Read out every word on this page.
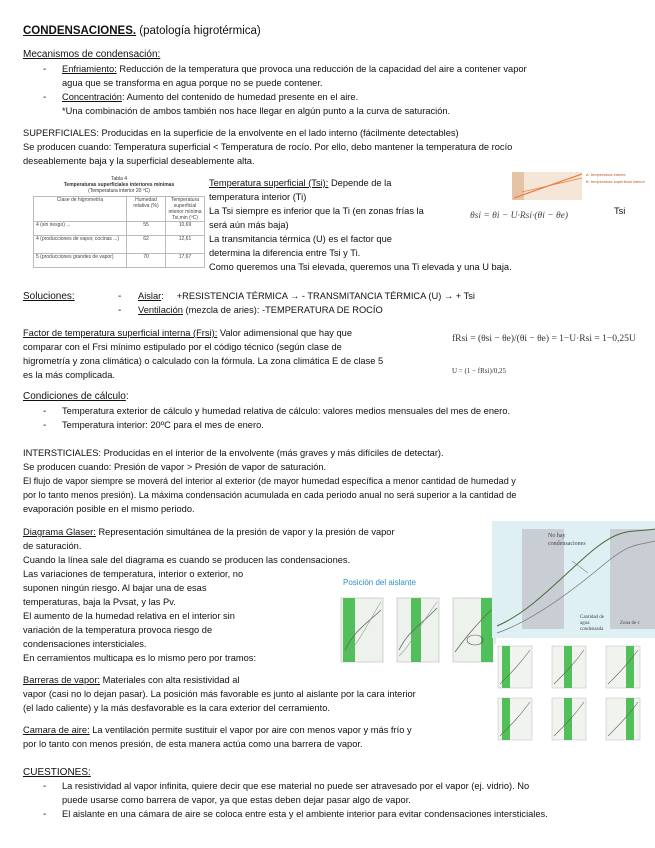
CONDENSACIONES. (patología higrotérmica)
Mecanismos de condensación:
- Enfriamiento: Reducción de la temperatura que provoca una reducción de la capacidad del aire a contener vapor
agua que se transforma en agua porque no se puede contener.
- Concentración: Aumento del contenido de humedad presente en el aire.
*Una combinación de ambos también nos hace llegar en algún punto a la curva de saturación.
SUPERFICIALES: Producidas en la superficie de la envolvente en el lado interno (fácilmente detectables)
Se producen cuando: Temperatura superficial < Temperatura de rocío. Por ello, debo mantener la temperatura de rocío
deseablemente baja y la superficial deseablemente alta.
Tabla 4
Temperaturas superficiales interiores mínimas
(Temperatura interior 20 ºC)
Clase de higrometría	Humedad relativa (%)	Temperatura superficial interior mínima Tsi,min (ºC)
4 (sin riesgo) ...	55	10,69
4 (producciones de vapor, cocinas ...)	62	12,61
5 (producciones grandes de vapor)	70	17,67
Temperatura superficial (Tsi): Depende de la
temperatura interior (Ti)
La Tsi siempre es inferior que la Ti (en zonas frías la	Tsi
será aún más baja)
La transmitancia térmica (U) es el factor que
determina la diferencia entre Tsi y Ti.
Como queremos una Tsi elevada, queremos una Ti elevada y una U baja.
θsi = θi − U·Rsi·(θi − θe)
A: temperatura interior
B: temperatura superficial interior
Soluciones:	- Aislar:     +RESISTENCIA TÉRMICA → - TRANSMITANCIA TÉRMICA (U) → + Tsi
- Ventilación (mezcla de aries): -TEMPERATURA DE ROCÍO
Factor de temperatura superficial interna (Frsi): Valor adimensional que hay que
comparar con el Frsi mínimo estipulado por el código técnico (según clase de
higrometría y zona climática) o calculado con la fórmula. La zona climática E de clase 5
es la más complicada.
fRsi = (θsi − θe)/(θi − θe) = 1−U·Rsi = 1−0,25U
U = (1 − fRsi)/0,25
Condiciones de cálculo:
- Temperatura exterior de cálculo y humedad relativa de cálculo: valores medios mensuales del mes de enero.
- Temperatura interior: 20ºC para el mes de enero.
INTERSTICIALES: Producidas en el interior de la envolvente (más graves y más difíciles de detectar).
Se producen cuando: Presión de vapor > Presión de vapor de saturación.
El flujo de vapor siempre se moverá del interior al exterior (de mayor humedad específica a menor cantidad de humedad y
por lo tanto menos presión). La máxima condensación acumulada en cada periodo anual no será superior a la cantidad de
evaporación posible en el mismo periodo.
Diagrama Glaser: Representación simultánea de la presión de vapor y la presión de vapor
de saturación.
Cuando la línea sale del diagrama es cuando se producen las condensaciones.
Las variaciones de temperatura, interior o exterior, no
suponen ningún riesgo. Al bajar una de esas
temperaturas, baja la Pvsat, y las Pv.
El aumento de la humedad relativa en el interior sin
variación de la temperatura provoca riesgo de
condensaciones intersticiales.
En cerramientos multicapa es lo mismo pero por tramos:
Posición del aislante
No hay
condensaciones
Cantidad de
agua
condensada
Zona de c
Barreras de vapor: Materiales con alta resistividad al
vapor (casi no lo dejan pasar). La posición más favorable es junto al aislante por la cara interior
(el lado caliente) y la más desfavorable es la cara exterior del cerramiento.
Camara de aire: La ventilación permite sustituir el vapor por aire con menos vapor y más frío y
por lo tanto con menos presión, de esta manera actúa como una barrera de vapor.
CUESTIONES:
- La resistividad al vapor infinita, quiere decir que ese material no puede ser atravesado por el vapor (ej. vidrio). No
puede usarse como barrera de vapor, ya que estas deben dejar pasar algo de vapor.
- El aislante en una cámara de aire se coloca entre esta y el ambiente interior para evitar condensaciones intersticiales.
